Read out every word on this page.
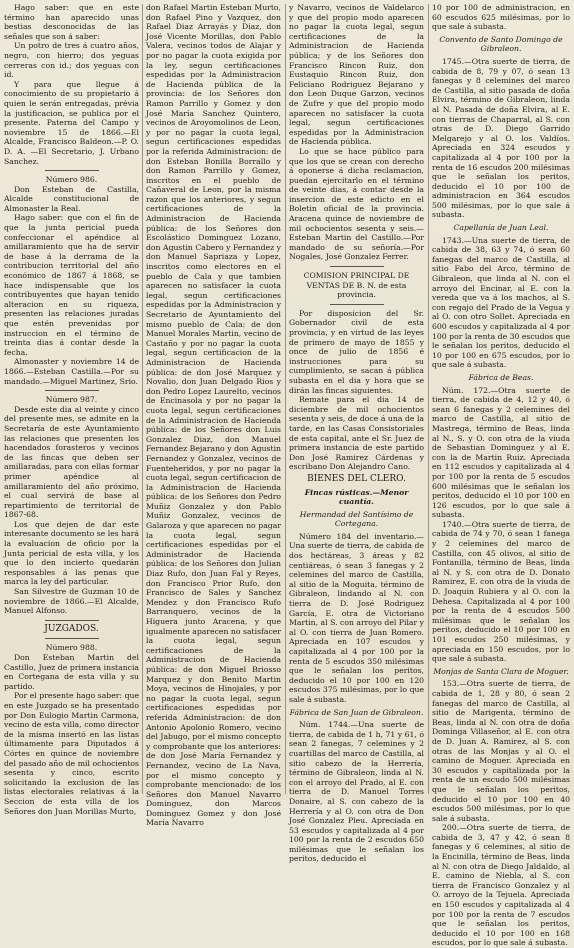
Hago saber: que en este término han aparecido unas bestias desconocidas de las señales que son á saber:

Un potro de tres á cuatro años, negro, con hierro; dos yeguas cerreras con id.; dos yeguas con id.

Y para que llegue á conocimiento de su propietario á quien le serán entregadas, prévia la justificacion, se publica por el presente. Paterna del Campo y noviembre 15 de 1866.—El Alcalde, Francisco Baldeon.—P. O. D. A. —El Secretario, J. Urbano Sanchez.

Número 986.

Don Esteban de Castilla, Alcalde constitucional de Almonaster la Real.

Hago saber: que con el fin de que la junta pericial pueda confeccionar el apéndice al amillaramiento que ha de servir de base á la derrama de la contribucion territorial del año económico de 1867 á 1868, se hace indispensable que los contribuyentes que hayan tenido alteracion en su riqueza, presenten las relaciones juradas que estén prevenidas por instruccion en el término de treinta dias á contar desde la fecha.

Almonaster y noviembre 14 de 1866.—Esteban Castilla.—Por su mandado.—Miguel Martinez, Srio.

Número 987.

Desde este dia al veinte y cinco del presente mes, se admite en la Secretaría de este Ayuntamiento las relaciones que presenten los hacendados forasteros y vecinos de las fincas que deben ser amillaradas, para con ellas formar primer apéndice al amillaramiento del año próximo, el cual servirá de base al repartimiento de territorial de 1867-68.

Los que dejen de dar este interesante documento se les hará la evaluacion de oficio por la Junta pericial de esta villa, y los que lo den incierto quedarán responsables á las penas que marca la ley del particular.

San Silvestre de Guzman 10 de noviembre de 1866.—El Alcalde, Manuel Alfonso.

JUZGADOS.

Número 988.

Don Esteban Martin del Castillo, Juez de primera instancia en Cortegana de esta villa y su partido.

Por el presente hago saber: que en este Juzgado se ha presentado por Don Eulogio Martin Carmona, vecino de esta villa, como director de la misma insertó en las listas últimamente para Diputados á Córtes en quince de noviembre del pasado año de mil ochocientos sesenta y cinco, escrito solicitando la exclusion de las listas electorales relativas á la Seccion de esta villa de los Señores don Juan Morillas Murto,

don Rafael Martin Esteban Murto, don Rafael Pino y Vazquez, don Rafael Diaz Arrayás y Diaz, don José Vicente Morillas, don Pablo Valera, vecinos todos de Alajar y por no pagar la cuota exigida por la ley, segun certificaciones espedidas por la Administracion de Hacienda pública de la provincia: de los Señores don Ramon Parrillo y Gomez y don José María Sanchez Quintero, vecinos de Aroyomolinos de Leon, y por no pagar la cuota legal, segun certificaciones espedidas por la referida Administracion: de don Esteban Bonilla Borrallo y don Ramon Parrillo y Gomez, inscritos en el pueblo de Cañaveral de Leon, por la misma razon que los anteriores, y segun certificaciones de la Administracion de Hacienda pública: de los Señores don Escolástico Dominguez Lozano, don Agustin Cabero y Fernandez y don Manuel Sapriaza y Lopez, inscritos como electores en el pueblo de Cala y que tambien aparecen no satisfacer la cuota legal, segun certificaciones espedidas por la Administracion y Secretario de Ayuntamiento del mismo pueblo de Cala: de don Manuel Morales Martin, vecino de Castaño y por no pagar la cuota legal, segun certificacion de la Administracion de Hacienda pública: de don José Marquez y Novalio, don Juan Delgado Rios y don Pedro Lopez Laurelto, vecinos de Encinasola y por no pagar la cuota legal, segun certificaciones de la Administracion de Hacienda pública: de los Señores don Luis Gonzalez Diaz, don Manuel Fernandez Bejarano y don Agustin Fernandez y Gonzalez, vecinos de Fuenteheridos, y por no pagar la cuota legal, segun certificacion de la Administracion de Hacienda pública: de los Señores don Pedro Muñiz Gonzalez y don Pablo Muñiz Gonzalez, vecinos de Galaroza y que aparecen no pagar la cuota legal, segun certificaciones espedidas por el Administrador de Hacienda pública: de los Señores don Julian Diaz Rufo, don Juan Fal y Reyes, don Francisco Prior Rufo, don Francisco de Sales y Sanchez Mendez y don Francisco Rufo Barranquero, vecinos de la Higuera junto Aracena, y que igualmente aparecen no satisfacer la cuota legal, segun certificaciones de la Administracion de Hacienda pública: de don Miguel Briosso Marquez y don Benito Martin Moya, vecinos de Hinojales, y por no pagar la cuota legal, segun certificaciones espedidas por referida Administracion: de don Antonio Apolonio Romero, vecino del Jabugo, por el mismo concepto y comprobante que los anteriores: de don José María Fernandez y Fernandez, vecino de La Nava, por el mismo concepto y comprobante mencionado: de los Señores don Manuel Navarro Dominguez, don Marcos Dominguez Gomez y don José María Navarro

y Navarro, vecinos de Valdelarco y que del propio modo aparecen no pagar la cuota legal, segun certificaciones de la Administracion de Hacienda pública; y de los Señores don Francisco Rincon Ruiz, don Eustaquio Rincon Ruiz, don Feliciano Rodriguez Bejarano y don Leon Duque Garzon, vecinos de Zufre y que del propio modo aparecen no satisfacer la cuota legal, segun certificaciones espedidas por la Administracion de Hacienda pública.

Lo que se hace público para que los que se crean con derecho á oponerse á dicha reclamacion, puedan ejercitarlo en el término de veinte dias, á contar desde la insercion de este edicto en el Boletin oficial de la provincia. Aracena quince de noviembre de mil ochocientos sesenta y seis.—Esteban Martin del Castillo.—Por mandado de su señoría.—Por Nogales, José Gonzalez Ferrer.

COMISION PRINCIPAL DE VENTAS DE B. N. de esta provincia.

Por disposicion del Sr. Gobernador civil de esta provincia, y en virtud de las leyes de primero de mayo de 1855 y once de julio de 1856 é instrucciones para su cumplimiento, se sacan á pública subasta en el dia y hora que se dirán las fincas siguientes.

Remate para el dia 14 de diciembre de mil ochocientos sesenta y seis, de doce á una de la tarde, en las Casas Consistoriales de esta capital, ante el Sr. Juez de primera instancia de este partido Don José Ramirez Cárdenas y escribano Don Alejandro Cano.

BIENES DEL CLERO.

Fincas rústicas.—Menor cuantía.

Hermandad del Santísimo de Cortegana.

Número 184 del inventario.—Una suerte de tierra, de cabida de dos hectáreas, 3 áreas y 82 centiáreas, ó sean 3 fanegas y 2 celemines del marco de Castilla, al sitio de la Moguita, término de Gibraleon, lindando al N. con tierra de D. José Rodriguez García, E. otra de Victoriano Martin, al S. con arroyo del Pilar y al O. con tierra de Juan Romero. Apreciada en 107 escudos y capitalizada al 4 por 100 por la renta de 5 escudos 350 milésimas que le señalan los peritos, deducido el 10 por 100 en 120 escudos 375 milésimas, por lo que sale á subasta.

Fábrica de San Juan de Gibraleon.

Núm. 1744.—Una suerte de tierra, de cabida de 1 h, 71 y 61, ó sean 2 fanegas, 7 celemines y 2 cuartillas del marco de Castilla, al sitio cabezo de la Herrería, término de Gibraleon, linda al N. con el arroyo del Prado, al E. con tierra de D. Manuel Torres Donaire, al S. con cabezo de la Herrería y al O. con otra de Don José Gonzalez Pleu. Apreciada en 53 escudos y capitalizada al 4 por 100 por la renta de 2 escudos 650 milésimas que le señalan los peritos, deducido el

10 por 100 de administracion, en 60 escudos 625 milésimas, por lo que sale á subasta.

Convento de Santo Domingo de Gibraleon.

1745.—Otra suerte de tierra, de cabida de 8, 79 y 07, ó sean 13 fanegas y 8 celemines del marco de Castilla, al sitio pasada de doña Elvira, término de Gibraleon, linda al N. Pasada de doña Elvira, al E. con tierras de Chaparral, al S. con otras de D. Diego Garrido Melgarejo y al O. los Valdíos. Apreciada en 324 escudos y capitalizada al 4 por 100 por la renta de 16 escudos 200 milésimas que le señalan los peritos, deducido el 10 por 100 de administracion en 364 escudos 500 milésimas, por lo que sale á subasta.

Capellanía de Juan Leal.

1743.—Una suerte de tierra, de cabida de 38, 63 y 74, ó sean 60 fanegas del marco de Castilla, al sitio Fabo del Arco, término de Gibraleon, que linda al N. con el arroyo del Encinar, al E. con la vereda que va á los machos, al S. con regajo del Prado de la Vegua y al O. con otro Sollet. Apreciada en 600 escudos y capitalizada al 4 por 100 por la renta de 30 escudos que le señalan los peritos, deducido el 10 por 100 en 675 escudos, por lo que sale á subasta.

Fábrica de Beas.

Núm. 172.—Otra suerte de tierra, de cabida de 4, 12 y 40, ó sean 6 fanegas y 2 celemines del marco de Castilla, al sitio de Mastrega, término de Beas, linda al N., S. y O. con otra de la viuda de Sebastian Dominguez y al E. con la de Martin Ruiz. Apreciada en 112 escudos y capitalizada al 4 por 100 por la renta de 5 escudos 600 milésimas que le señalan los peritos, deducido el 10 por 100 en 126 escudos, por lo que sale á subasta.

1740.—Otra suerte de tierra, de cabida de 74 y 70, ó sean 1 fanega y 2 celemines del marco de Castilla, con 45 olivos, al sitio de Fontanilla, término de Beas, linda al N. y S. con otra de D. Donato Ramirez, E. con otra de la viuda de D. Joaquin Rubiera y al O. con la Dehesa. Capitalizada al 4 por 100 por la renta de 4 escudos 500 milésimas que le señalan los peritos, deducido el 10 por 100 en 101 escudos 250 milésimas, y apreciada en 150 escudos, por lo que sale á subasta.

Monjas de Santa Clara de Moguer.

153.—Otra suerte de tierra, de cabida de 1, 28 y 80, ó sean 2 fanegas del marco de Castilla, al sitio de Marigenta, término de Beas, linda al N. con otra de doña Dominga Villaseñor, al E. con otra de D. Juan A. Ramirez, al S. con otras de las Monjas y al O. el camino de Moguer. Apreciada en 30 escudos y capitalizada por la renta de un escudo 500 milésimas que le señalan los peritos, deducido el 10 por 100 en 40 escudos 500 milésimas, por lo que sale á subasta.

200.—Otra suerte de tierra, de cabida de 3, 47 y 42, ó sean 8 fanegas y 6 celemines, al sitio de la Encinilla, término de Beas, linda al N. con otra de Diego Jaldaldo, al E. camino de Niebla, al S. con tierra de Francisco Gonzalez y al O. arroyo de la Tejuela. Apreciada en 150 escudos y capitalizada al 4 por 100 por la renta de 7 escudos que le señalan los peritos, deducido el 10 por 100 en 168 escudos, por lo que sale á subasta.
